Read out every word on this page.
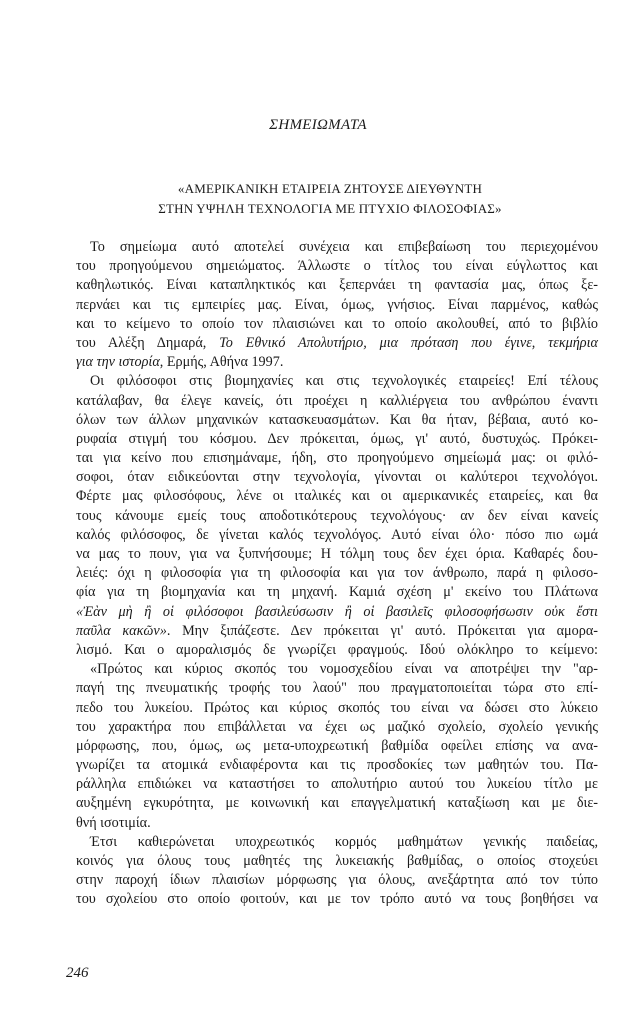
ΣΗΜΕΙΩΜΑΤΑ
«ΑΜΕΡΙΚΑΝΙΚΗ ΕΤΑΙΡΕΙΑ ΖΗΤΟΥΣΕ ΔΙΕΥΘΥΝΤΗ
ΣΤΗΝ ΥΨΗΛΗ ΤΕΧΝΟΛΟΓΙΑ ΜΕ ΠΤΥΧΙΟ ΦΙΛΟΣΟΦΙΑΣ»
Το σημείωμα αυτό αποτελεί συνέχεια και επιβεβαίωση του περιεχομένου
του προηγούμενου σημειώματος. Άλλωστε ο τίτλος του είναι εύγλωττος και
καθηλωτικός. Είναι καταπληκτικός και ξεπερνάει τη φαντασία μας, όπως ξε-
περνάει και τις εμπειρίες μας. Είναι, όμως, γνήσιος. Είναι παρμένος, καθώς
και το κείμενο το οποίο τον πλαισιώνει και το οποίο ακολουθεί, από το βιβλίο
του Αλέξη Δημαρά, Το Εθνικό Απολυτήριο, μια πρόταση που έγινε, τεκμήρια
για την ιστορία, Ερμής, Αθήνα 1997.
Οι φιλόσοφοι στις βιομηχανίες και στις τεχνολογικές εταιρείες! Επί τέλους
κατάλαβαν, θα έλεγε κανείς, ότι προέχει η καλλιέργεια του ανθρώπου έναντι
όλων των άλλων μηχανικών κατασκευασμάτων. Και θα ήταν, βέβαια, αυτό κο-
ρυφαία στιγμή του κόσμου. Δεν πρόκειται, όμως, γι' αυτό, δυστυχώς. Πρόκει-
ται για κείνο που επισημάναμε, ήδη, στο προηγούμενο σημείωμά μας: οι φιλό-
σοφοι, όταν ειδικεύονται στην τεχνολογία, γίνονται οι καλύτεροι τεχνολόγοι.
Φέρτε μας φιλοσόφους, λένε οι ιταλικές και οι αμερικανικές εταιρείες, και θα
τους κάνουμε εμείς τους αποδοτικότερους τεχνολόγους· αν δεν είναι κανείς
καλός φιλόσοφος, δε γίνεται καλός τεχνολόγος. Αυτό είναι όλο· πόσο πιο ωμά
να μας το πουν, για να ξυπνήσουμε; Η τόλμη τους δεν έχει όρια. Καθαρές δου-
λειές: όχι η φιλοσοφία για τη φιλοσοφία και για τον άνθρωπο, παρά η φιλοσο-
φία για τη βιομηχανία και τη μηχανή. Καμιά σχέση μ' εκείνο του Πλάτωνα
«Ἐὰν μὴ ἢ οἱ φιλόσοφοι βασιλεύσωσιν ἢ οἱ βασιλεῖς φιλοσοφήσωσιν οὐκ ἔστι
παῦλα κακῶν». Μην ξιπάζεστε. Δεν πρόκειται γι' αυτό. Πρόκειται για αμορα-
λισμό. Και ο αμοραλισμός δε γνωρίζει φραγμούς. Ιδού ολόκληρο το κείμενο:
«Πρώτος και κύριος σκοπός του νομοσχεδίου είναι να αποτρέψει την "αρ-
παγή της πνευματικής τροφής του λαού" που πραγματοποιείται τώρα στο επί-
πεδο του λυκείου. Πρώτος και κύριος σκοπός του είναι να δώσει στο λύκειο
του χαρακτήρα που επιβάλλεται να έχει ως μαζικό σχολείο, σχολείο γενικής
μόρφωσης, που, όμως, ως μετα-υποχρεωτική βαθμίδα οφείλει επίσης να ανα-
γνωρίζει τα ατομικά ενδιαφέροντα και τις προσδοκίες των μαθητών του. Πα-
ράλληλα επιδιώκει να καταστήσει το απολυτήριο αυτού του λυκείου τίτλο με
αυξημένη εγκυρότητα, με κοινωνική και επαγγελματική καταξίωση και με διε-
θνή ισοτιμία.
Έτσι καθιερώνεται υποχρεωτικός κορμός μαθημάτων γενικής παιδείας,
κοινός για όλους τους μαθητές της λυκειακής βαθμίδας, ο οποίος στοχεύει
στην παροχή ίδιων πλαισίων μόρφωσης για όλους, ανεξάρτητα από τον τύπο
του σχολείου στο οποίο φοιτούν, και με τον τρόπο αυτό να τους βοηθήσει να
246
